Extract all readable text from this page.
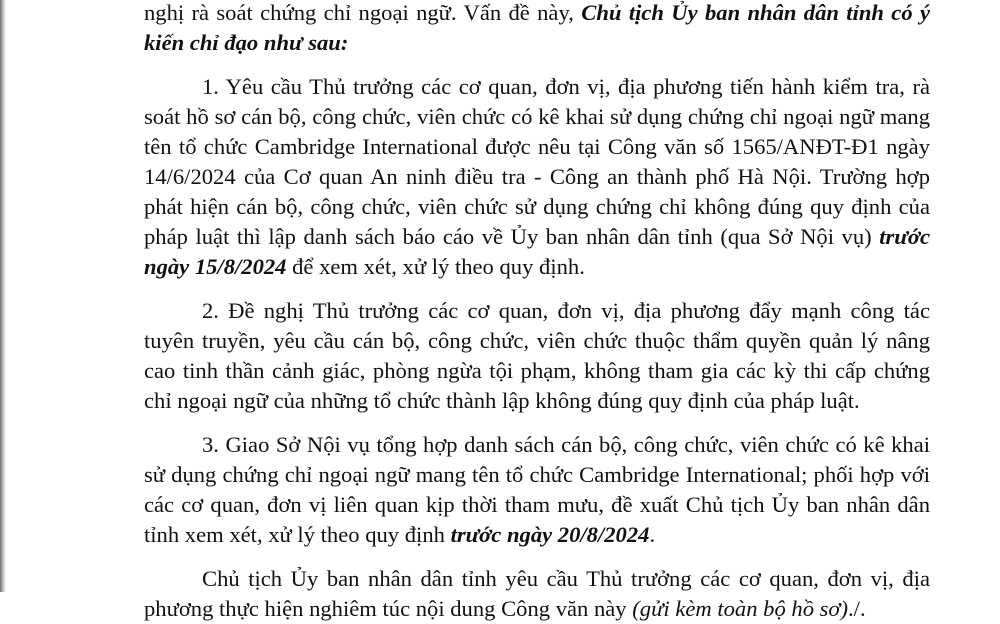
nghị rà soát chứng chỉ ngoại ngữ. Vấn đề này, Chủ tịch Ủy ban nhân dân tỉnh có ý kiến chỉ đạo như sau:

1. Yêu cầu Thủ trưởng các cơ quan, đơn vị, địa phương tiến hành kiểm tra, rà soát hồ sơ cán bộ, công chức, viên chức có kê khai sử dụng chứng chỉ ngoại ngữ mang tên tổ chức Cambridge International được nêu tại Công văn số 1565/ANĐT-Đ1 ngày 14/6/2024 của Cơ quan An ninh điều tra - Công an thành phố Hà Nội. Trường hợp phát hiện cán bộ, công chức, viên chức sử dụng chứng chỉ không đúng quy định của pháp luật thì lập danh sách báo cáo về Ủy ban nhân dân tỉnh (qua Sở Nội vụ) trước ngày 15/8/2024 để xem xét, xử lý theo quy định.

2. Đề nghị Thủ trưởng các cơ quan, đơn vị, địa phương đẩy mạnh công tác tuyên truyền, yêu cầu cán bộ, công chức, viên chức thuộc thẩm quyền quản lý nâng cao tinh thần cảnh giác, phòng ngừa tội phạm, không tham gia các kỳ thi cấp chứng chỉ ngoại ngữ của những tổ chức thành lập không đúng quy định của pháp luật.

3. Giao Sở Nội vụ tổng hợp danh sách cán bộ, công chức, viên chức có kê khai sử dụng chứng chỉ ngoại ngữ mang tên tổ chức Cambridge International; phối hợp với các cơ quan, đơn vị liên quan kịp thời tham mưu, đề xuất Chủ tịch Ủy ban nhân dân tỉnh xem xét, xử lý theo quy định trước ngày 20/8/2024.

Chủ tịch Ủy ban nhân dân tỉnh yêu cầu Thủ trưởng các cơ quan, đơn vị, địa phương thực hiện nghiêm túc nội dung Công văn này (gửi kèm toàn bộ hồ sơ)./.
